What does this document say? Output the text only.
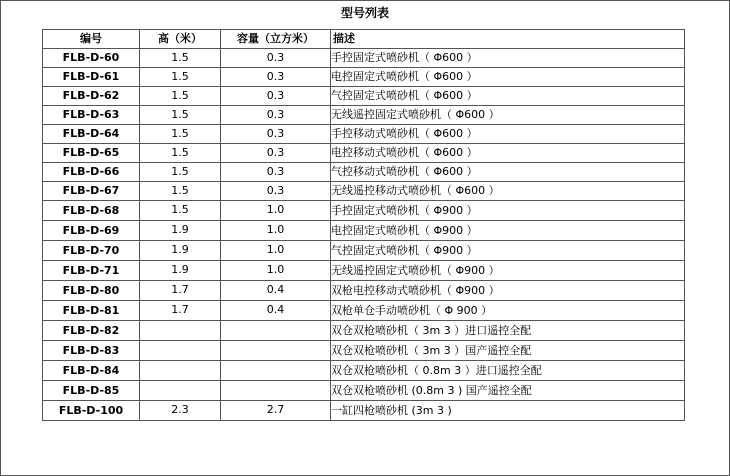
型号列表
编号	高（米）	容量（立方米）	描述
FLB-D-60	1.5	0.3	手控固定式喷砂机（ Φ600 ）
FLB-D-61	1.5	0.3	电控固定式喷砂机（ Φ600 ）
FLB-D-62	1.5	0.3	气控固定式喷砂机（ Φ600 ）
FLB-D-63	1.5	0.3	无线遥控固定式喷砂机（ Φ600 ）
FLB-D-64	1.5	0.3	手控移动式喷砂机（ Φ600 ）
FLB-D-65	1.5	0.3	电控移动式喷砂机（ Φ600 ）
FLB-D-66	1.5	0.3	气控移动式喷砂机（ Φ600 ）
FLB-D-67	1.5	0.3	无线遥控移动式喷砂机（ Φ600 ）
FLB-D-68	1.5	1.0	手控固定式喷砂机（ Φ900 ）
FLB-D-69	1.9	1.0	电控固定式喷砂机（ Φ900 ）
FLB-D-70	1.9	1.0	气控固定式喷砂机（ Φ900 ）
FLB-D-71	1.9	1.0	无线遥控固定式喷砂机（ Φ900 ）
FLB-D-80	1.7	0.4	双枪电控移动式喷砂机（ Φ900 ）
FLB-D-81	1.7	0.4	双枪单仓手动喷砂机（ Φ 900 ）
FLB-D-82			双仓双枪喷砂机（ 3m 3 ）进口遥控全配
FLB-D-83			双仓双枪喷砂机（ 3m 3 ）国产遥控全配
FLB-D-84			双仓双枪喷砂机（ 0.8m 3 ）进口遥控全配
FLB-D-85			双仓双枪喷砂机 (0.8m 3 ) 国产遥控全配
FLB-D-100	2.3	2.7	一缸四枪喷砂机 (3m 3 )
